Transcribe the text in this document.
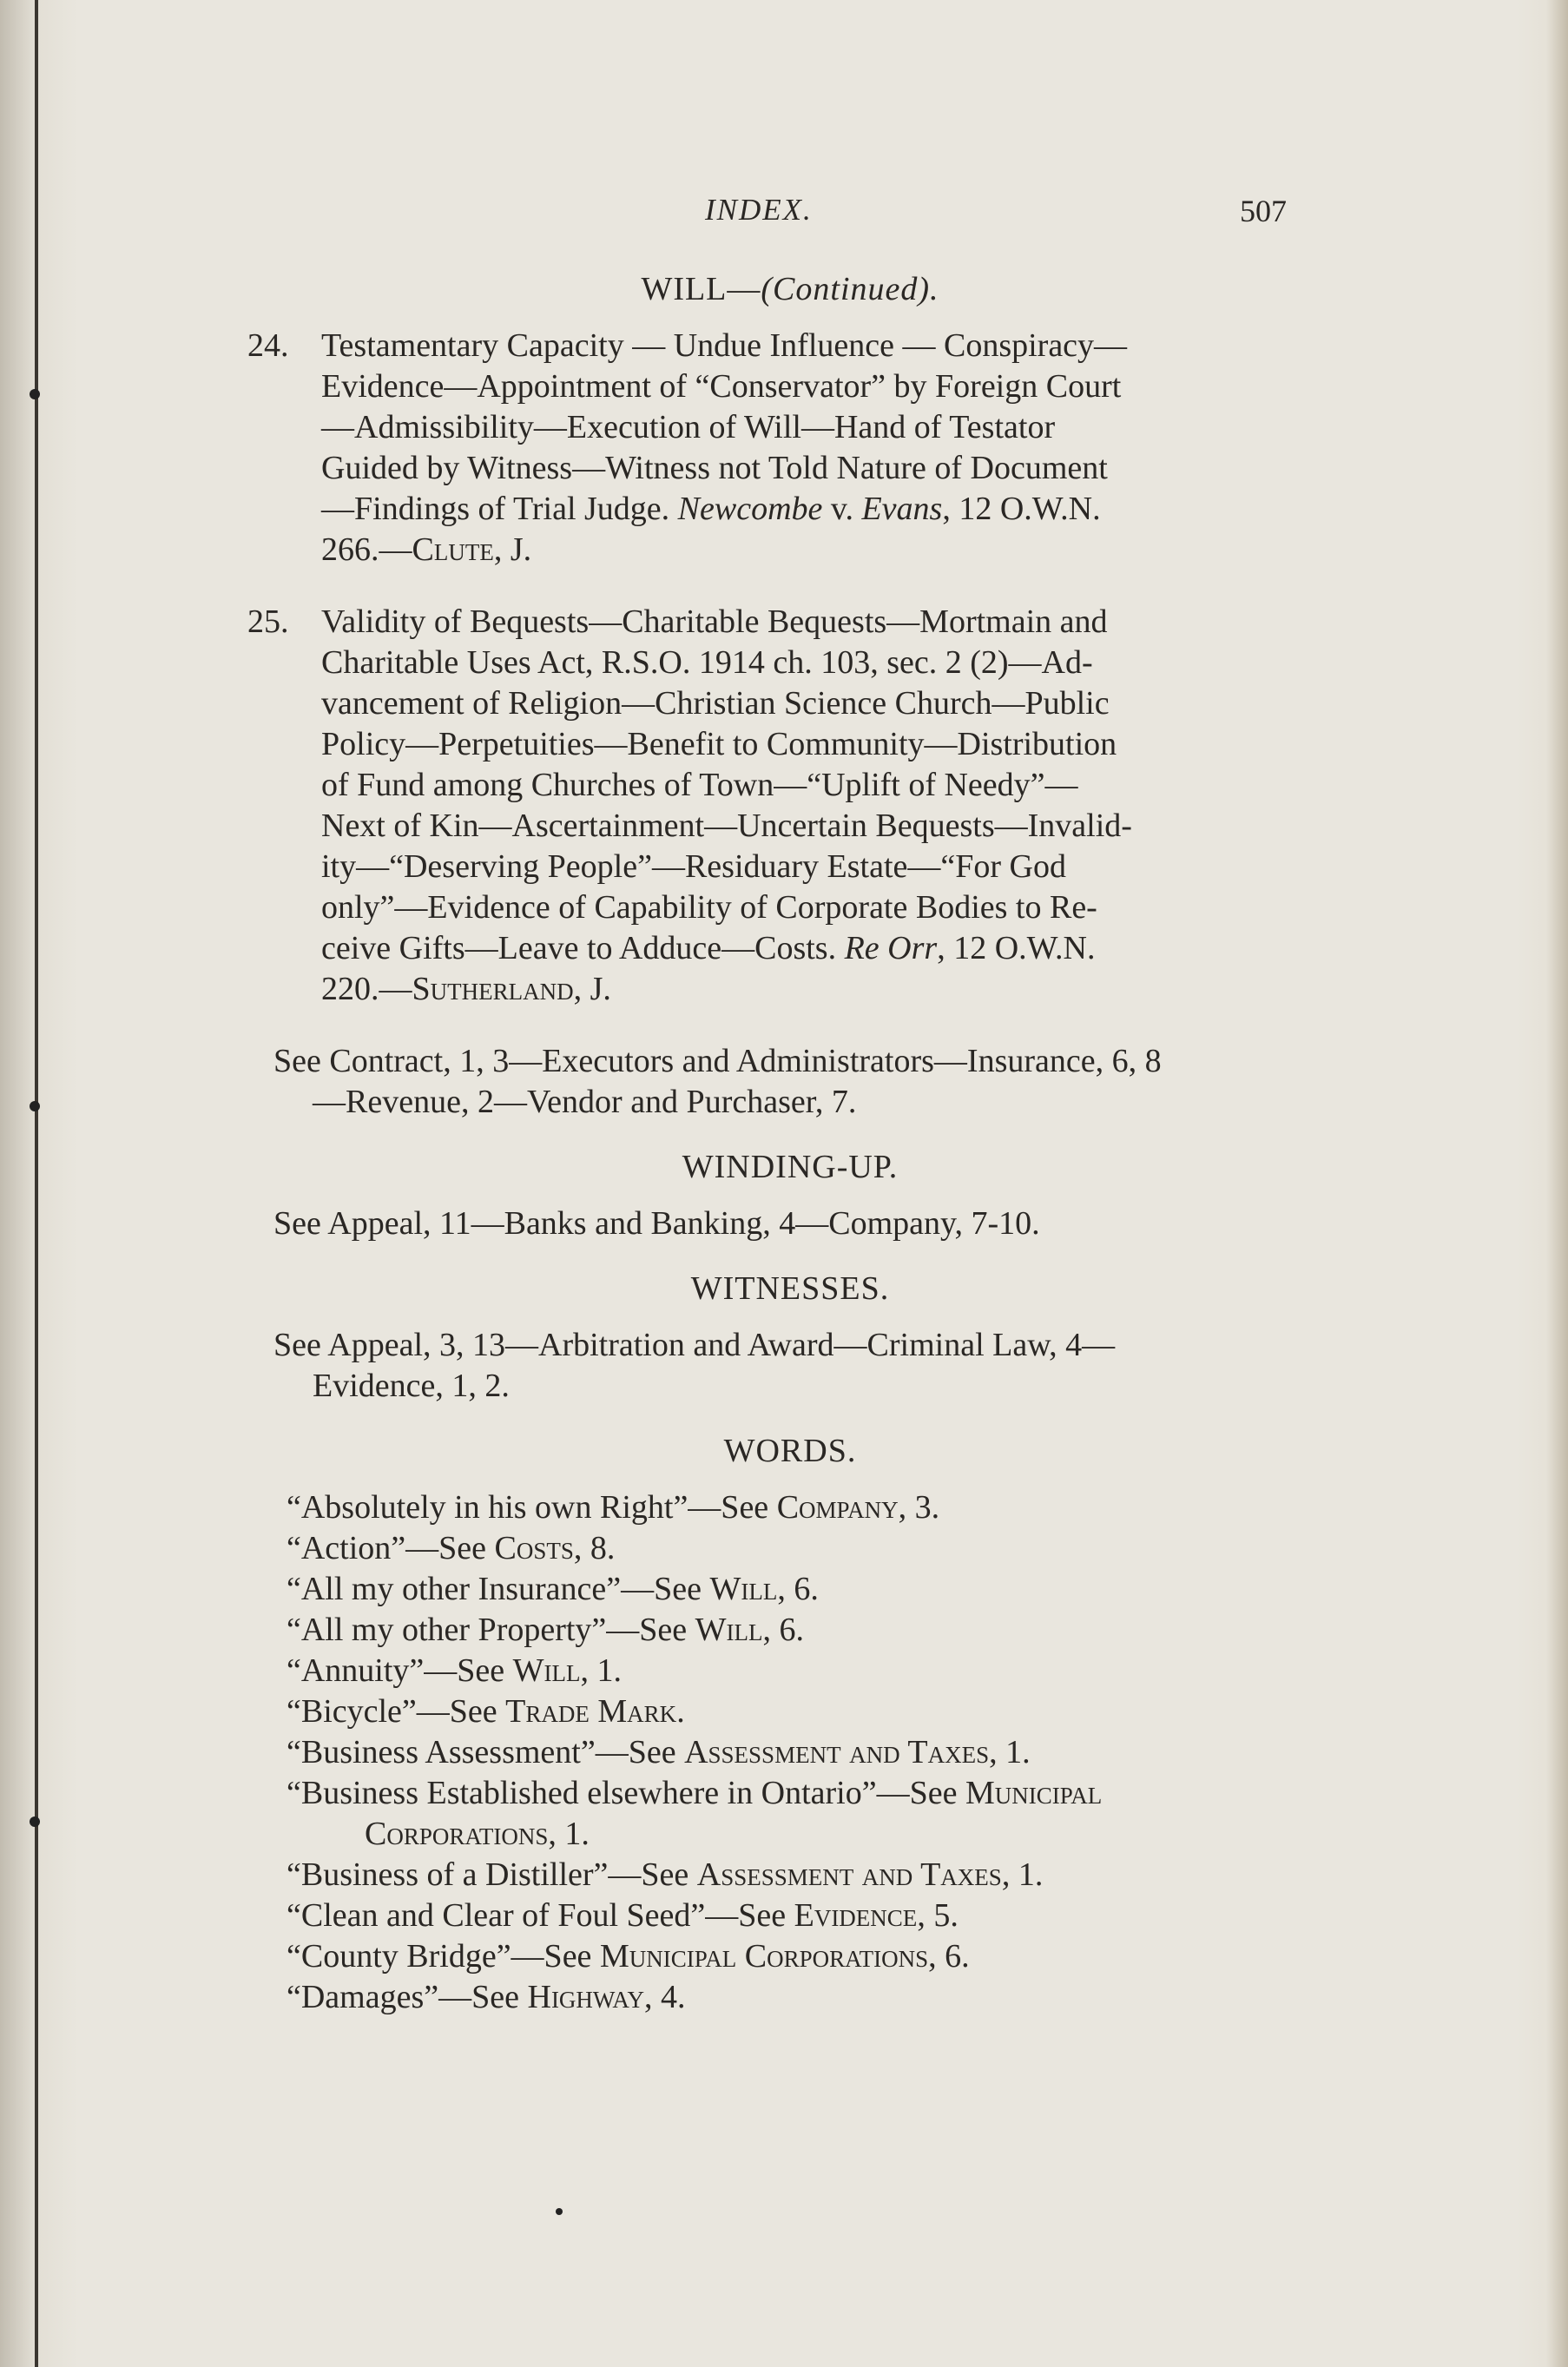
INDEX.	507
WILL—(Continued).
24. Testamentary Capacity — Undue Influence — Conspiracy—
Evidence—Appointment of “Conservator” by Foreign Court
—Admissibility—Execution of Will—Hand of Testator
Guided by Witness—Witness not Told Nature of Document
—Findings of Trial Judge. Newcombe v. Evans, 12 O.W.N.
266.—Clute, J.
25. Validity of Bequests—Charitable Bequests—Mortmain and
Charitable Uses Act, R.S.O. 1914 ch. 103, sec. 2 (2)—Ad-
vancement of Religion—Christian Science Church—Public
Policy—Perpetuities—Benefit to Community—Distribution
of Fund among Churches of Town—“Uplift of Needy”—
Next of Kin—Ascertainment—Uncertain Bequests—Invalid-
ity—“Deserving People”—Residuary Estate—“For God
only”—Evidence of Capability of Corporate Bodies to Re-
ceive Gifts—Leave to Adduce—Costs. Re Orr, 12 O.W.N.
220.—Sutherland, J.
See Contract, 1, 3—Executors and Administrators—Insurance, 6, 8
—Revenue, 2—Vendor and Purchaser, 7.
WINDING-UP.
See Appeal, 11—Banks and Banking, 4—Company, 7-10.
WITNESSES.
See Appeal, 3, 13—Arbitration and Award—Criminal Law, 4—
Evidence, 1, 2.
WORDS.
“Absolutely in his own Right”—See Company, 3.
“Action”—See Costs, 8.
“All my other Insurance”—See Will, 6.
“All my other Property”—See Will, 6.
“Annuity”—See Will, 1.
“Bicycle”—See Trade Mark.
“Business Assessment”—See Assessment and Taxes, 1.
“Business Established elsewhere in Ontario”—See Municipal
Corporations, 1.
“Business of a Distiller”—See Assessment and Taxes, 1.
“Clean and Clear of Foul Seed”—See Evidence, 5.
“County Bridge”—See Municipal Corporations, 6.
“Damages”—See Highway, 4.
